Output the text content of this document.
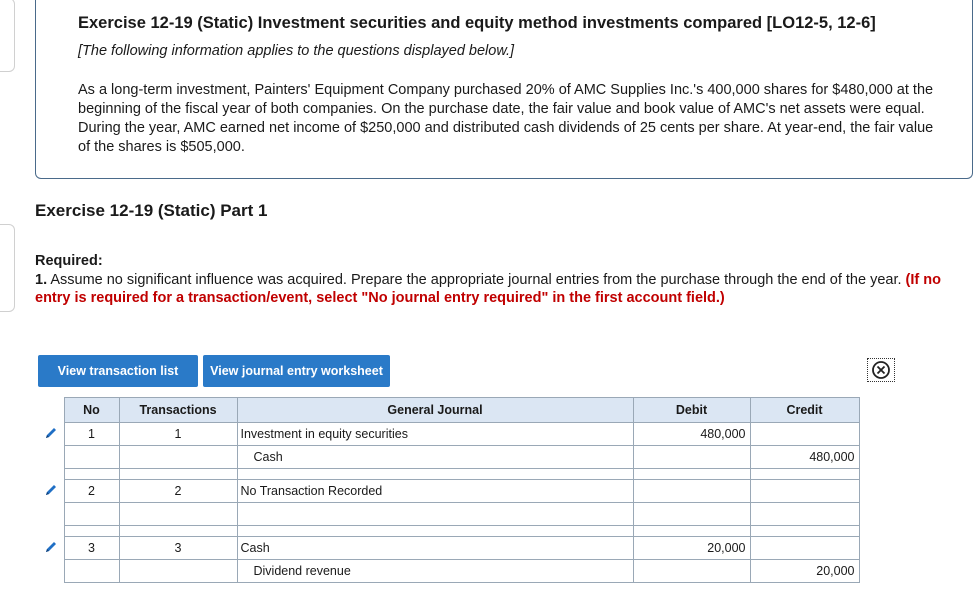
Exercise 12-19 (Static) Investment securities and equity method investments compared [LO12-5, 12-6]
[The following information applies to the questions displayed below.]
As a long-term investment, Painters' Equipment Company purchased 20% of AMC Supplies Inc.'s 400,000 shares for $480,000 at the beginning of the fiscal year of both companies. On the purchase date, the fair value and book value of AMC's net assets were equal. During the year, AMC earned net income of $250,000 and distributed cash dividends of 25 cents per share. At year-end, the fair value of the shares is $505,000.
Exercise 12-19 (Static) Part 1
Required:
1. Assume no significant influence was acquired. Prepare the appropriate journal entries from the purchase through the end of the year. (If no entry is required for a transaction/event, select "No journal entry required" in the first account field.)
View transaction list	View journal entry worksheet
	No	Transactions	General Journal	Debit	Credit
	1	1	Investment in equity securities	480,000	
			Cash		480,000

	2	2	No Transaction Recorded		

	3	3	Cash	20,000	
			Dividend revenue		20,000
